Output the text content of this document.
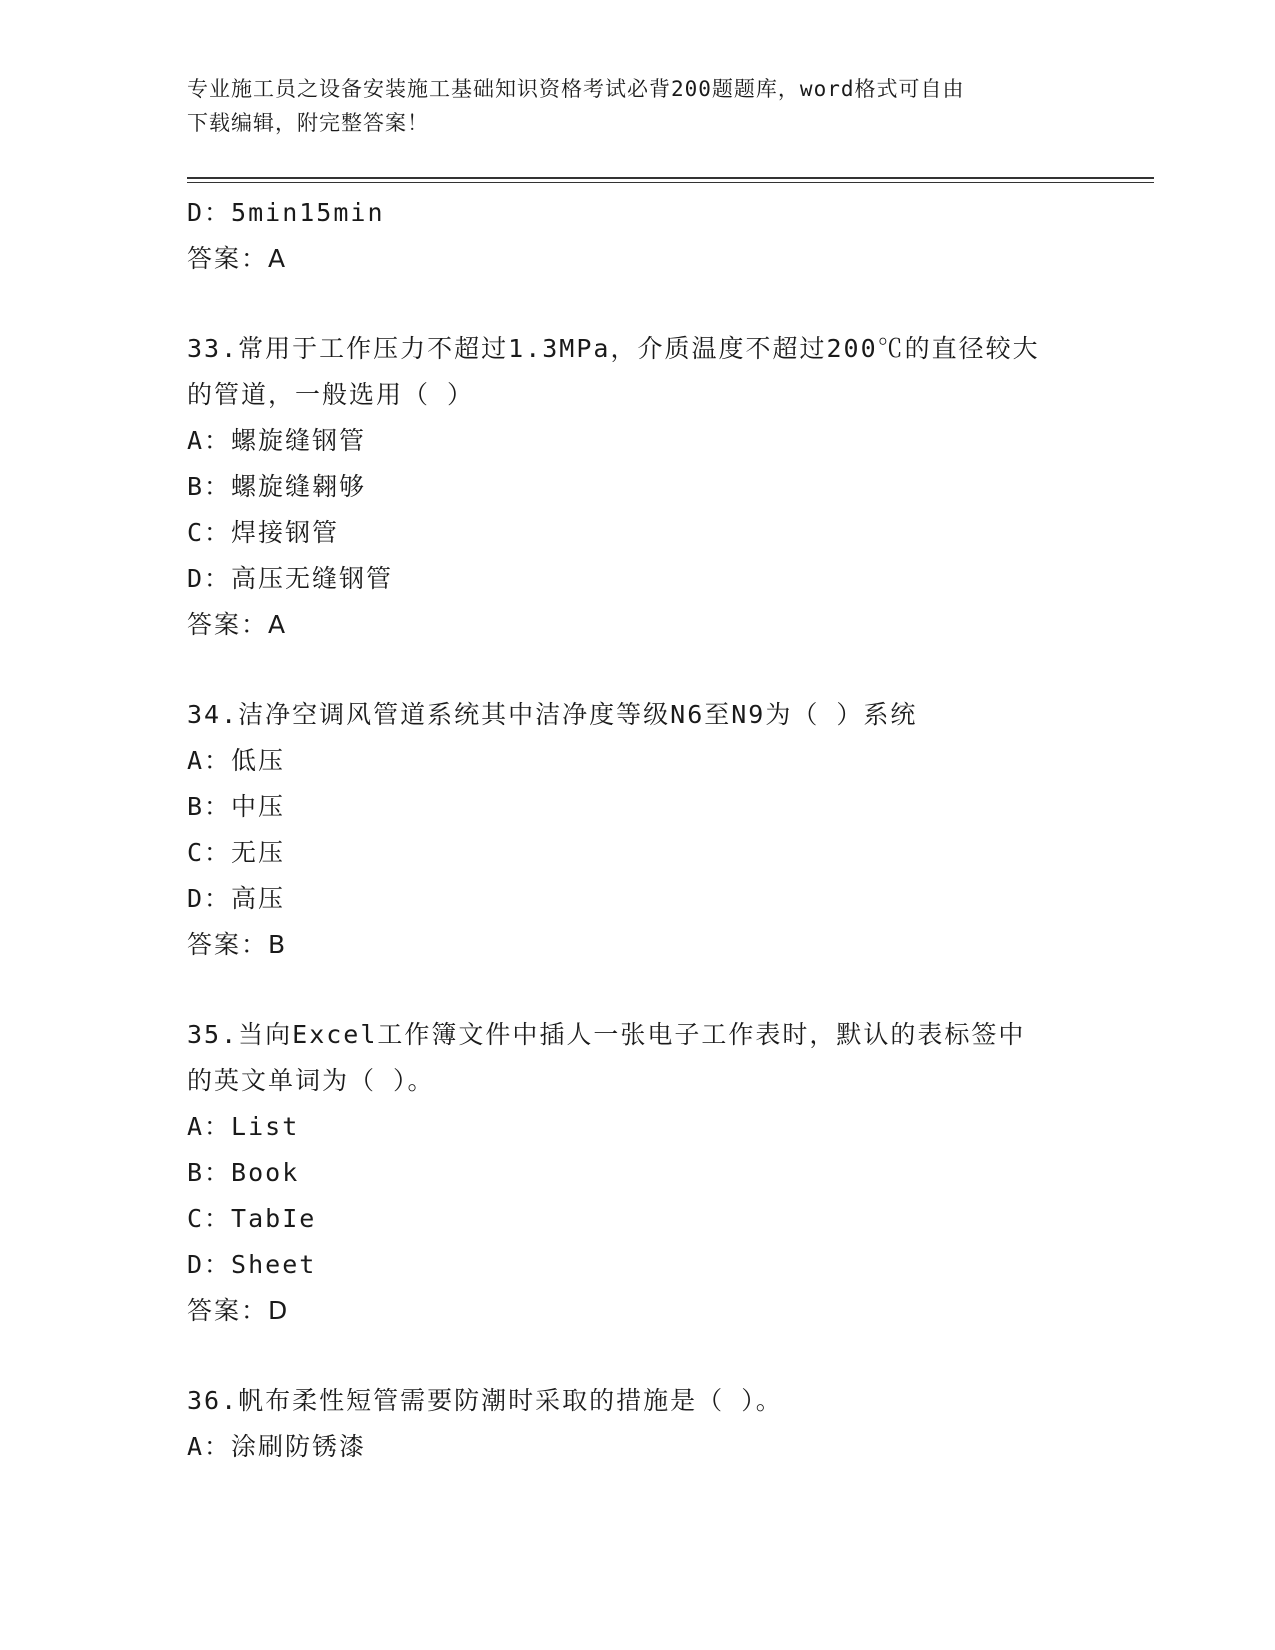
专业施工员之设备安装施工基础知识资格考试必背200题题库，word格式可自由
下载编辑，附完整答案！
D：5min15min
答案：A
33.常用于工作压力不超过1.3MPa，介质温度不超过200℃的直径较大
的管道，一般选用（ ）
A：螺旋缝钢管
B：螺旋缝翱够
C：焊接钢管
D：高压无缝钢管
答案：A
34.洁净空调风管道系统其中洁净度等级N6至N9为（ ）系统
A：低压
B：中压
C：无压
D：高压
答案：B
35.当向Excel工作簿文件中插人一张电子工作表时，默认的表标签中
的英文单词为（ ）。
A：List
B：Book
C：TabIe
D：Sheet
答案：D
36.帆布柔性短管需要防潮时采取的措施是（ ）。
A：涂刷防锈漆
